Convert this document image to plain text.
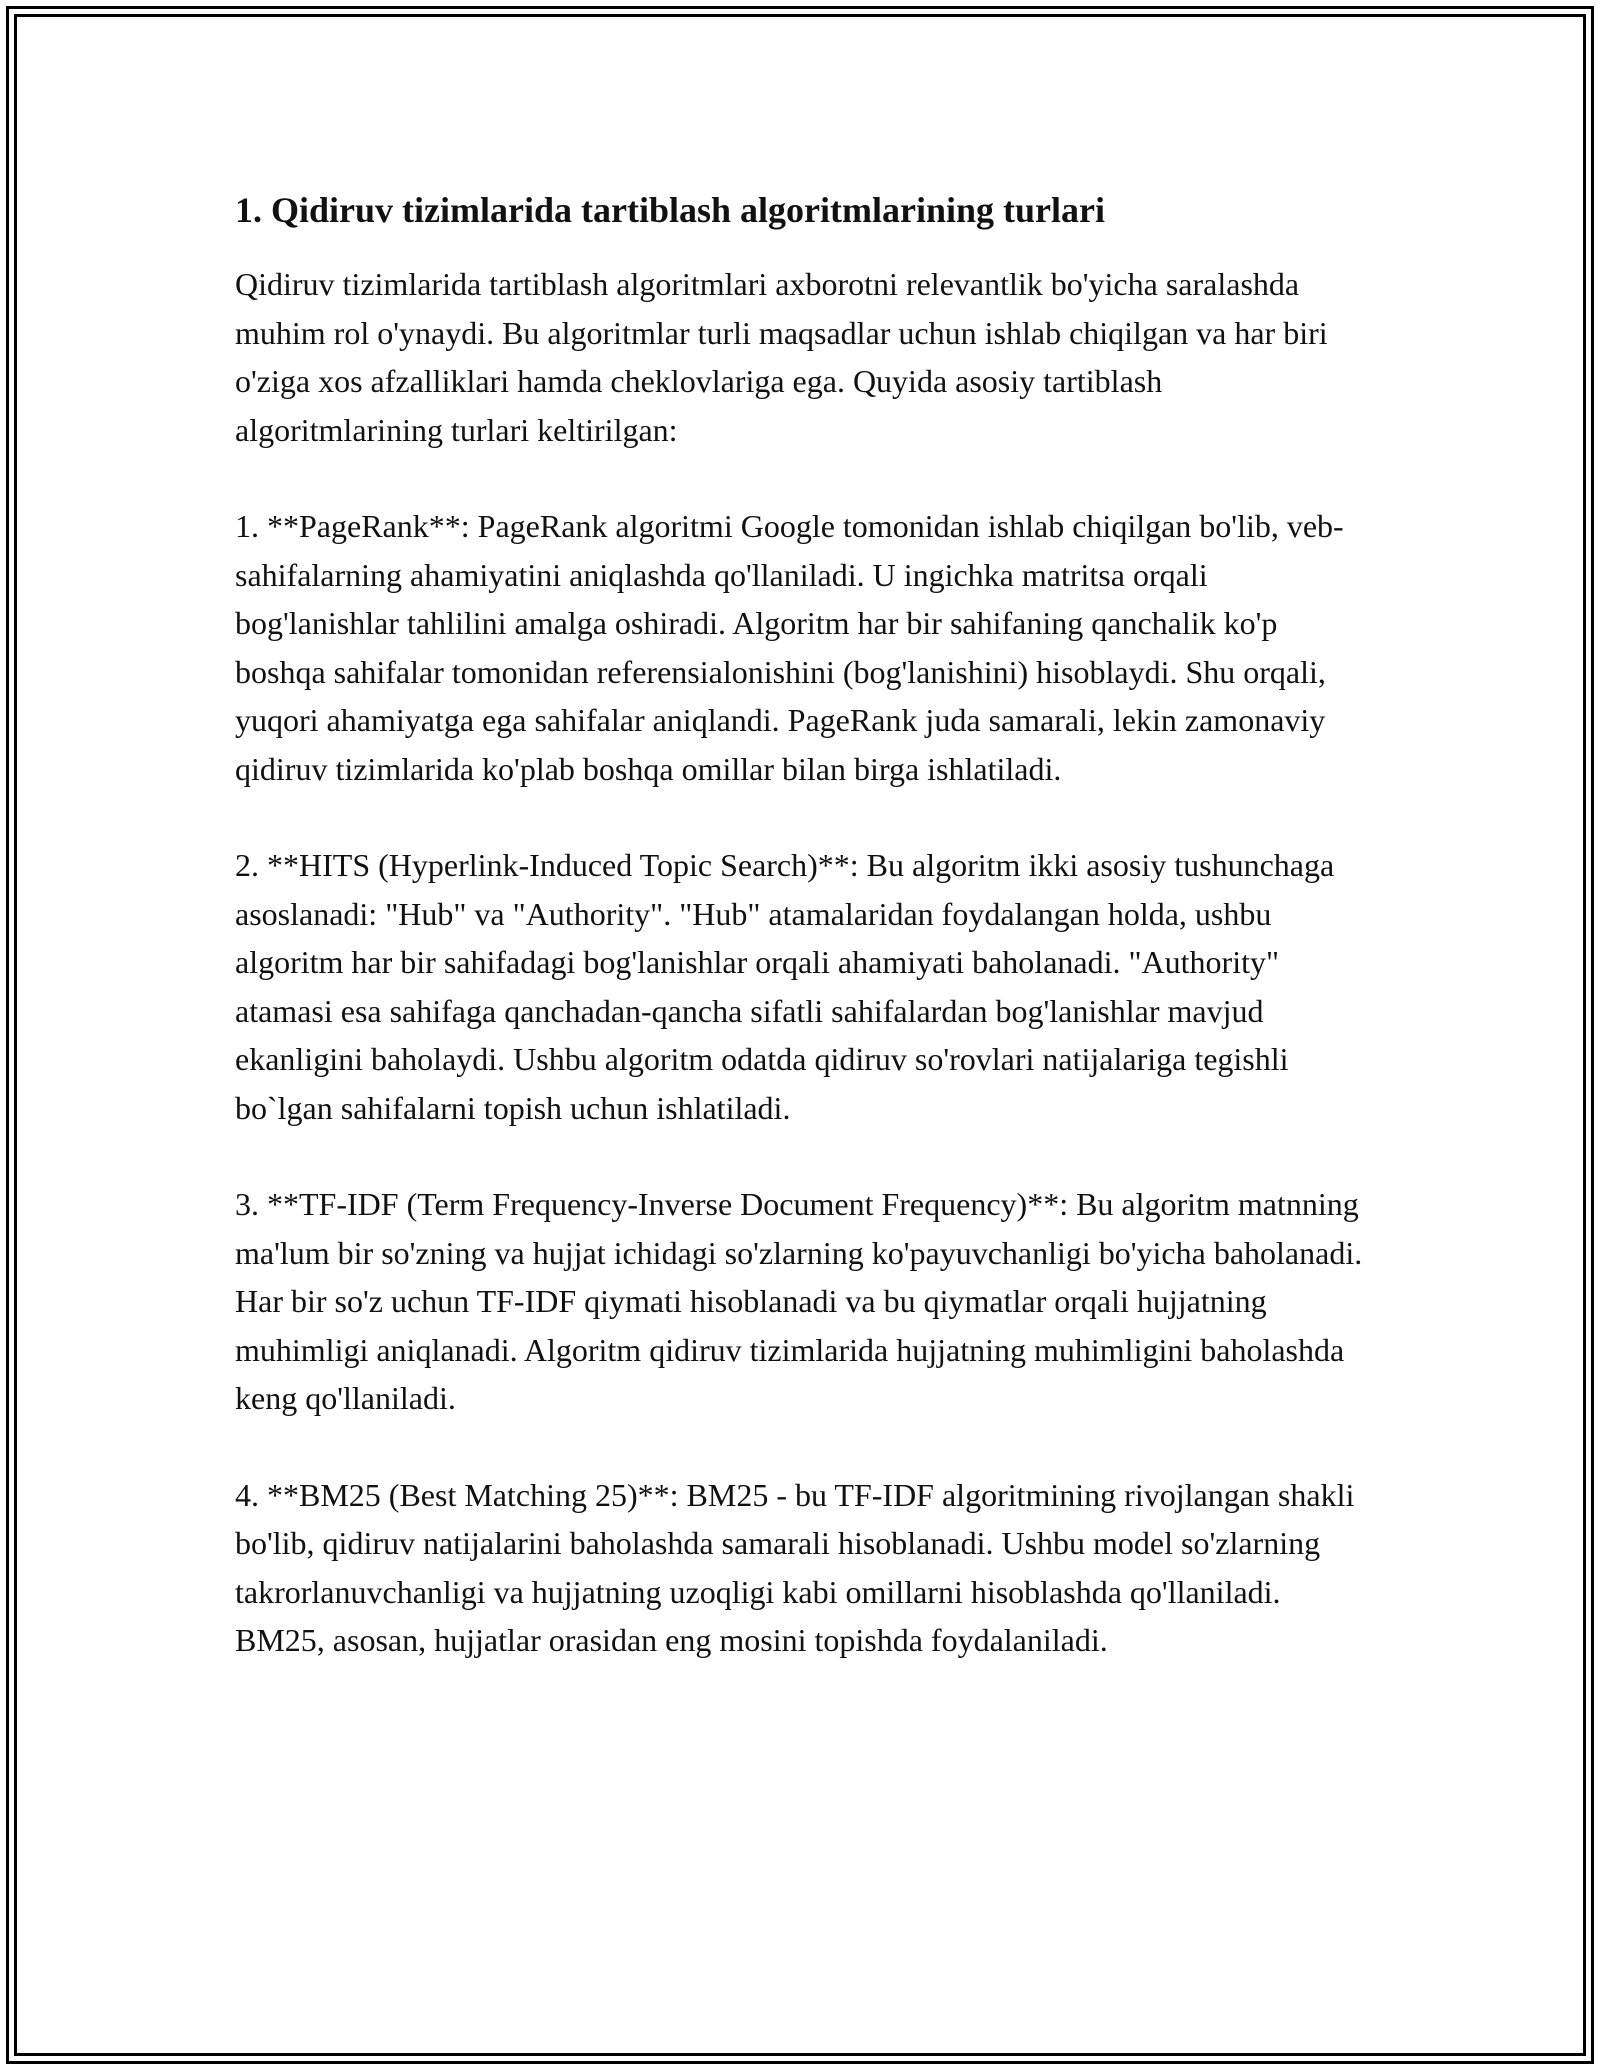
1. Qidiruv tizimlarida tartiblash algoritmlarining turlari

Qidiruv tizimlarida tartiblash algoritmlari axborotni relevantlik bo'yicha saralashda muhim rol o'ynaydi. Bu algoritmlar turli maqsadlar uchun ishlab chiqilgan va har biri o'ziga xos afzalliklari hamda cheklovlariga ega. Quyida asosiy tartiblash algoritmlarining turlari keltirilgan:

1. **PageRank**: PageRank algoritmi Google tomonidan ishlab chiqilgan bo'lib, veb-sahifalarning ahamiyatini aniqlashda qo'llaniladi. U ingichka matritsa orqali bog'lanishlar tahlilini amalga oshiradi. Algoritm har bir sahifaning qanchalik ko'p boshqa sahifalar tomonidan referensialonishini (bog'lanishini) hisoblaydi. Shu orqali, yuqori ahamiyatga ega sahifalar aniqlandi. PageRank juda samarali, lekin zamonaviy qidiruv tizimlarida ko'plab boshqa omillar bilan birga ishlatiladi.

2. **HITS (Hyperlink-Induced Topic Search)**: Bu algoritm ikki asosiy tushunchaga asoslanadi: "Hub" va "Authority". "Hub" atamalaridan foydalangan holda, ushbu algoritm har bir sahifadagi bog'lanishlar orqali ahamiyati baholanadi. "Authority" atamasi esa sahifaga qanchadan-qancha sifatli sahifalardan bog'lanishlar mavjud ekanligini baholaydi. Ushbu algoritm odatda qidiruv so'rovlari natijalariga tegishli bo`lgan sahifalarni topish uchun ishlatiladi.

3. **TF-IDF (Term Frequency-Inverse Document Frequency)**: Bu algoritm matnning ma'lum bir so'zning va hujjat ichidagi so'zlarning ko'payuvchanligi bo'yicha baholanadi. Har bir so'z uchun TF-IDF qiymati hisoblanadi va bu qiymatlar orqali hujjatning muhimligi aniqlanadi. Algoritm qidiruv tizimlarida hujjatning muhimligini baholashda keng qo'llaniladi.

4. **BM25 (Best Matching 25)**: BM25 - bu TF-IDF algoritmining rivojlangan shakli bo'lib, qidiruv natijalarini baholashda samarali hisoblanadi. Ushbu model so'zlarning takrorlanuvchanligi va hujjatning uzoqligi kabi omillarni hisoblashda qo'llaniladi. BM25, asosan, hujjatlar orasidan eng mosini topishda foydalaniladi.
